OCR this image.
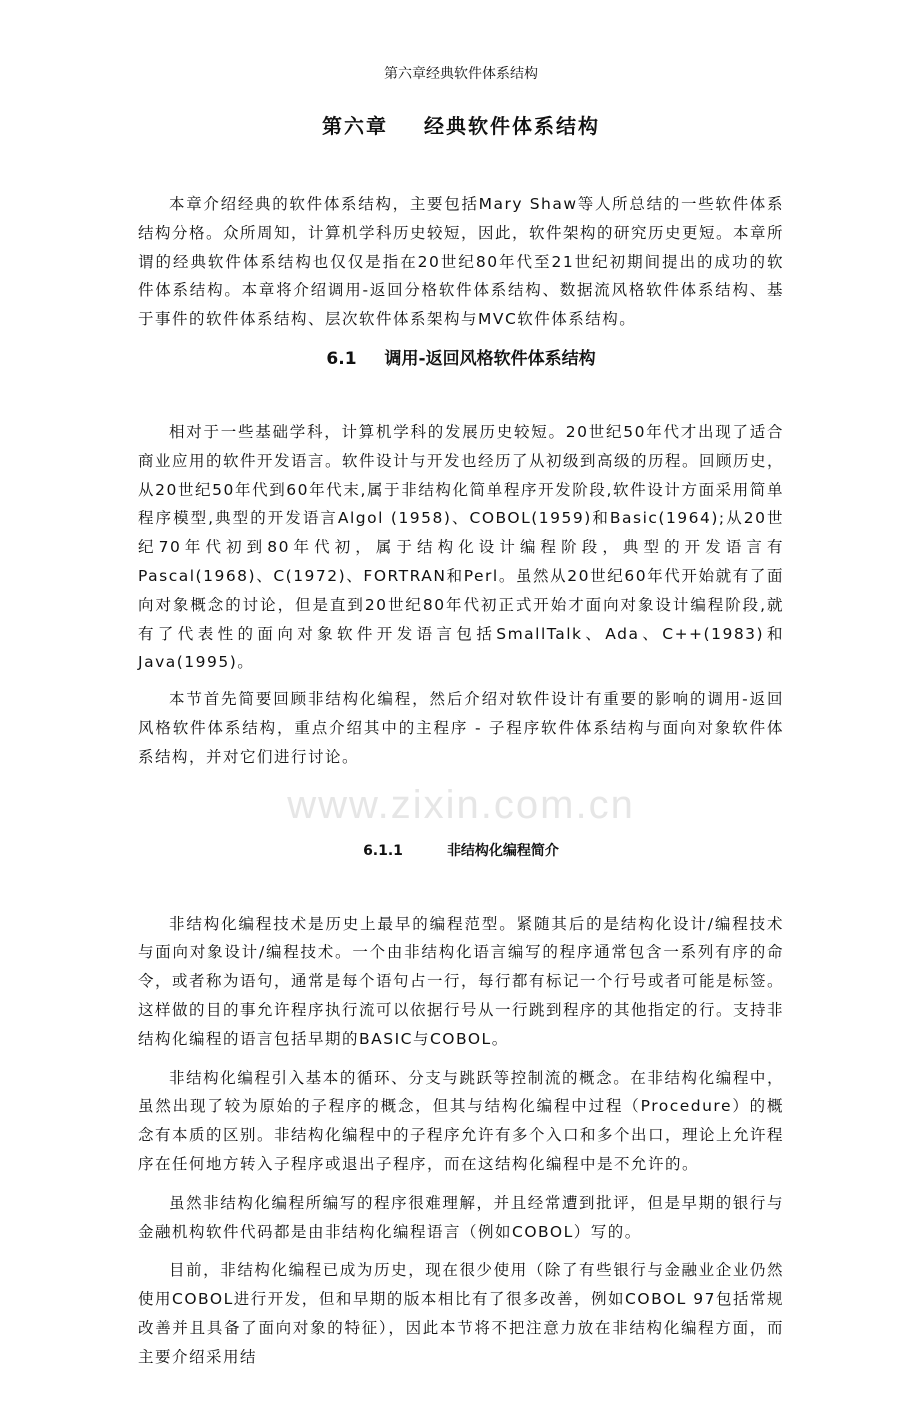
第六章经典软件体系结构
第六章 经典软件体系结构

本章介绍经典的软件体系结构，主要包括Mary Shaw等人所总结的一些软件体系结构分格。众所周知，计算机学科历史较短，因此，软件架构的研究历史更短。本章所谓的经典软件体系结构也仅仅是指在20世纪80年代至21世纪初期间提出的成功的软件体系结构。本章将介绍调用-返回分格软件体系结构、数据流风格软件体系结构、基于事件的软件体系结构、层次软件体系架构与MVC软件体系结构。

6.1 调用-返回风格软件体系结构

相对于一些基础学科，计算机学科的发展历史较短。20世纪50年代才出现了适合商业应用的软件开发语言。软件设计与开发也经历了从初级到高级的历程。回顾历史，从20世纪50年代到60年代末,属于非结构化简单程序开发阶段,软件设计方面采用简单程序模型,典型的开发语言Algol (1958)、COBOL(1959)和Basic(1964);从20世纪70年代初到80年代初，属于结构化设计编程阶段，典型的开发语言有Pascal(1968)、C(1972)、FORTRAN和Perl。虽然从20世纪60年代开始就有了面向对象概念的讨论，但是直到20世纪80年代初正式开始才面向对象设计编程阶段,就有了代表性的面向对象软件开发语言包括SmallTalk、Ada、C++(1983)和Java(1995)。

本节首先简要回顾非结构化编程，然后介绍对软件设计有重要的影响的调用-返回风格软件体系结构，重点介绍其中的主程序 - 子程序软件体系结构与面向对象软件体系结构，并对它们进行讨论。

www.zixin.com.cn
6.1.1	非结构化编程简介

非结构化编程技术是历史上最早的编程范型。紧随其后的是结构化设计/编程技术与面向对象设计/编程技术。一个由非结构化语言编写的程序通常包含一系列有序的命令，或者称为语句，通常是每个语句占一行，每行都有标记一个行号或者可能是标签。这样做的目的事允许程序执行流可以依据行号从一行跳到程序的其他指定的行。支持非结构化编程的语言包括早期的BASIC与COBOL。

非结构化编程引入基本的循环、分支与跳跃等控制流的概念。在非结构化编程中，虽然出现了较为原始的子程序的概念，但其与结构化编程中过程（Procedure）的概念有本质的区别。非结构化编程中的子程序允许有多个入口和多个出口，理论上允许程序在任何地方转入子程序或退出子程序，而在这结构化编程中是不允许的。

虽然非结构化编程所编写的程序很难理解，并且经常遭到批评，但是早期的银行与金融机构软件代码都是由非结构化编程语言（例如COBOL）写的。

目前，非结构化编程已成为历史，现在很少使用（除了有些银行与金融业企业仍然使用COBOL进行开发，但和早期的版本相比有了很多改善，例如COBOL 97包括常规改善并且具备了面向对象的特征），因此本节将不把注意力放在非结构化编程方面，而主要介绍采用结
